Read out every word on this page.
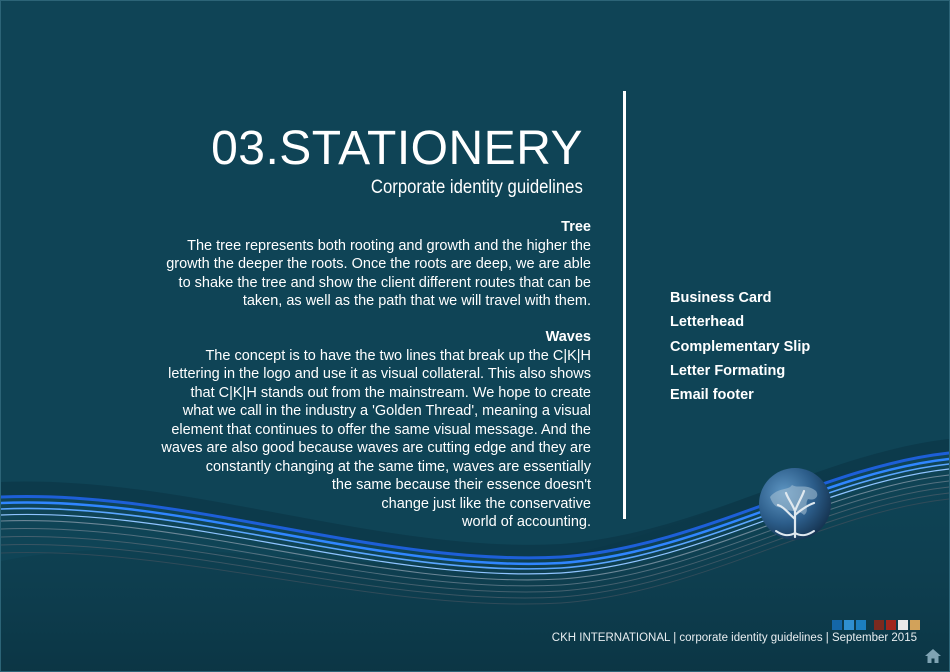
03.STATIONERY
Corporate identity guidelines
Tree

The tree represents both rooting and growth and the higher the

growth the deeper the roots. Once the roots are deep, we are able

to shake the tree and show the client different routes that can be

taken, as well as the path that we will travel with them.

Waves

The concept is to have the two lines that break up the C|K|H

lettering in the logo and use it as visual collateral. This also shows

that C|K|H stands out from the mainstream. We hope to create

what we call in the industry a 'Golden Thread', meaning a visual

element that continues to offer the same visual message. And the

waves are also good because waves are cutting edge and they are

constantly changing at the same time, waves are essentially

the same because their essence doesn't

change just like the conservative

world of accounting.

Business Card
Letterhead
Complementary Slip
Letter Formating
Email footer
CKH INTERNATIONAL | corporate identity guidelines | September 2015
